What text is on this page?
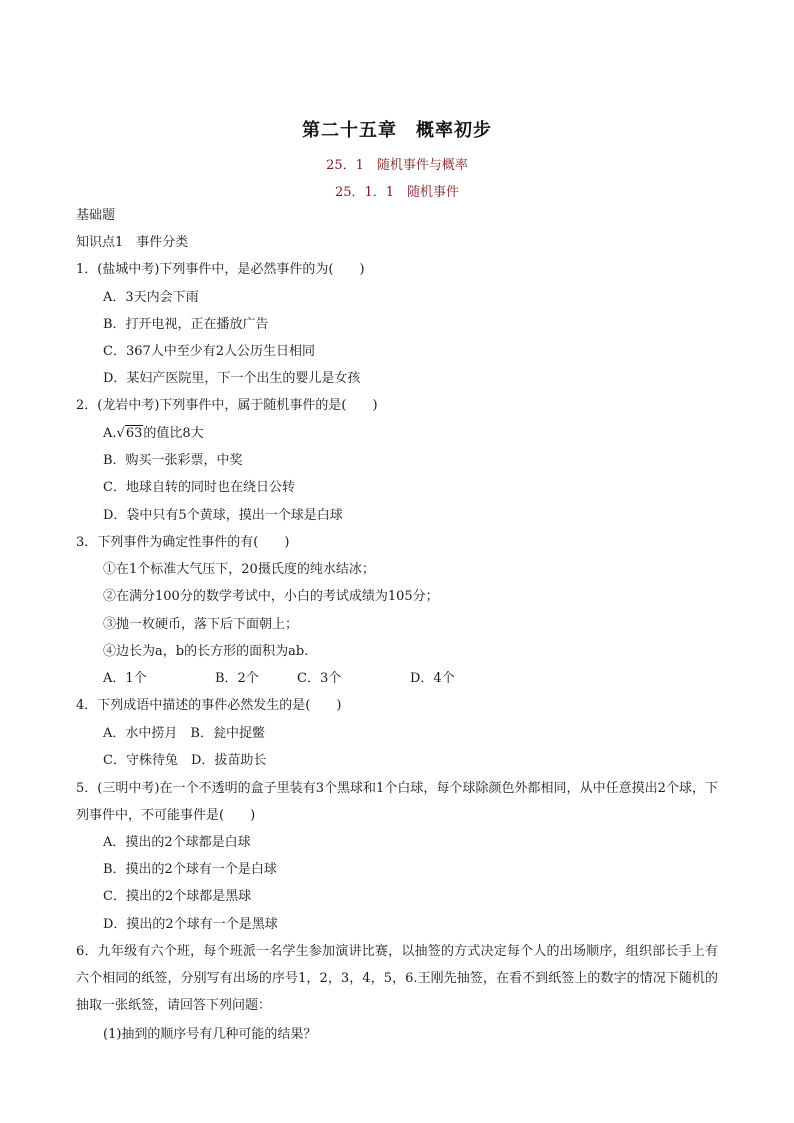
第二十五章　概率初步
25．1　随机事件与概率
25．1．1　随机事件
基础题
知识点1　事件分类
1．(盐城中考)下列事件中，是必然事件的为(　　)
A．3天内会下雨
B．打开电视，正在播放广告
C．367人中至少有2人公历生日相同
D．某妇产医院里，下一个出生的婴儿是女孩
2．(龙岩中考)下列事件中，属于随机事件的是(　　)
A.√63的值比8大
B．购买一张彩票，中奖
C．地球自转的同时也在绕日公转
D．袋中只有5个黄球，摸出一个球是白球
3．下列事件为确定性事件的有(　　)
①在1个标准大气压下，20摄氏度的纯水结冰；
②在满分100分的数学考试中，小白的考试成绩为105分；
③抛一枚硬币，落下后下面朝上；
④边长为a，b的长方形的面积为ab.
A．1个	B．2个	C．3个	D．4个
4．下列成语中描述的事件必然发生的是(　　)
A．水中捞月　B．瓮中捉鳖
C．守株待兔　D．拔苗助长
5．(三明中考)在一个不透明的盒子里装有3个黑球和1个白球，每个球除颜色外都相同，从中任意摸出2个球，下列事件中，不可能事件是(　　)
A．摸出的2个球都是白球
B．摸出的2个球有一个是白球
C．摸出的2个球都是黑球
D．摸出的2个球有一个是黑球
6．九年级有六个班，每个班派一名学生参加演讲比赛，以抽签的方式决定每个人的出场顺序，组织部长手上有六个相同的纸签，分别写有出场的序号1，2，3，4，5，6.王刚先抽签，在看不到纸签上的数字的情况下随机的抽取一张纸签，请回答下列问题：
(1)抽到的顺序号有几种可能的结果？
